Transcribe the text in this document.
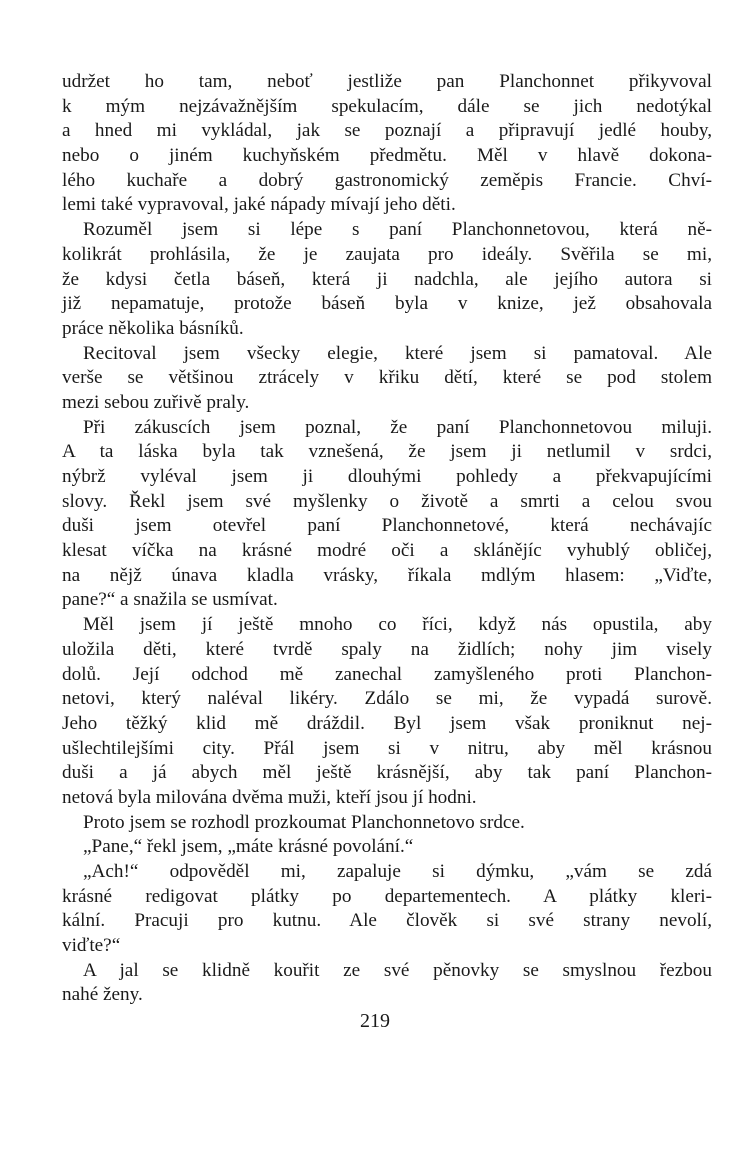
udržet ho tam, neboť jestliže pan Planchonnet přikyvoval
k mým nejzávažnějším spekulacím, dále se jich nedotýkal
a hned mi vykládal, jak se poznají a připravují jedlé houby,
nebo o jiném kuchyňském předmětu. Měl v hlavě dokona-
lého kuchaře a dobrý gastronomický zeměpis Francie. Chví-
lemi také vypravoval, jaké nápady mívají jeho děti.
Rozuměl jsem si lépe s paní Planchonnetovou, která ně-
kolikrát prohlásila, že je zaujata pro ideály. Svěřila se mi,
že kdysi četla báseň, která ji nadchla, ale jejího autora si
již nepamatuje, protože báseň byla v knize, jež obsahovala
práce několika básníků.
Recitoval jsem všecky elegie, které jsem si pamatoval. Ale
verše se většinou ztrácely v křiku dětí, které se pod stolem
mezi sebou zuřivě praly.
Při zákuscích jsem poznal, že paní Planchonnetovou miluji.
A ta láska byla tak vznešená, že jsem ji netlumil v srdci,
nýbrž vyléval jsem ji dlouhými pohledy a překvapujícími
slovy. Řekl jsem své myšlenky o životě a smrti a celou svou
duši jsem otevřel paní Planchonnetové, která nechávajíc
klesat víčka na krásné modré oči a sklánějíc vyhublý obličej,
na nějž únava kladla vrásky, říkala mdlým hlasem: „Viďte,
pane?“ a snažila se usmívat.
Měl jsem jí ještě mnoho co říci, když nás opustila, aby
uložila děti, které tvrdě spaly na židlích; nohy jim visely
dolů. Její odchod mě zanechal zamyšleného proti Planchon-
netovi, který naléval likéry. Zdálo se mi, že vypadá surově.
Jeho těžký klid mě dráždil. Byl jsem však proniknut nej-
ušlechtilejšími city. Přál jsem si v nitru, aby měl krásnou
duši a já abych měl ještě krásnější, aby tak paní Planchon-
netová byla milována dvěma muži, kteří jsou jí hodni.
Proto jsem se rozhodl prozkoumat Planchonnetovo srdce.
„Pane,“ řekl jsem, „máte krásné povolání.“
„Ach!“ odpověděl mi, zapaluje si dýmku, „vám se zdá
krásné redigovat plátky po departementech. A plátky kleri-
kální. Pracuji pro kutnu. Ale člověk si své strany nevolí,
viďte?“
A jal se klidně kouřit ze své pěnovky se smyslnou řezbou
nahé ženy.
219
